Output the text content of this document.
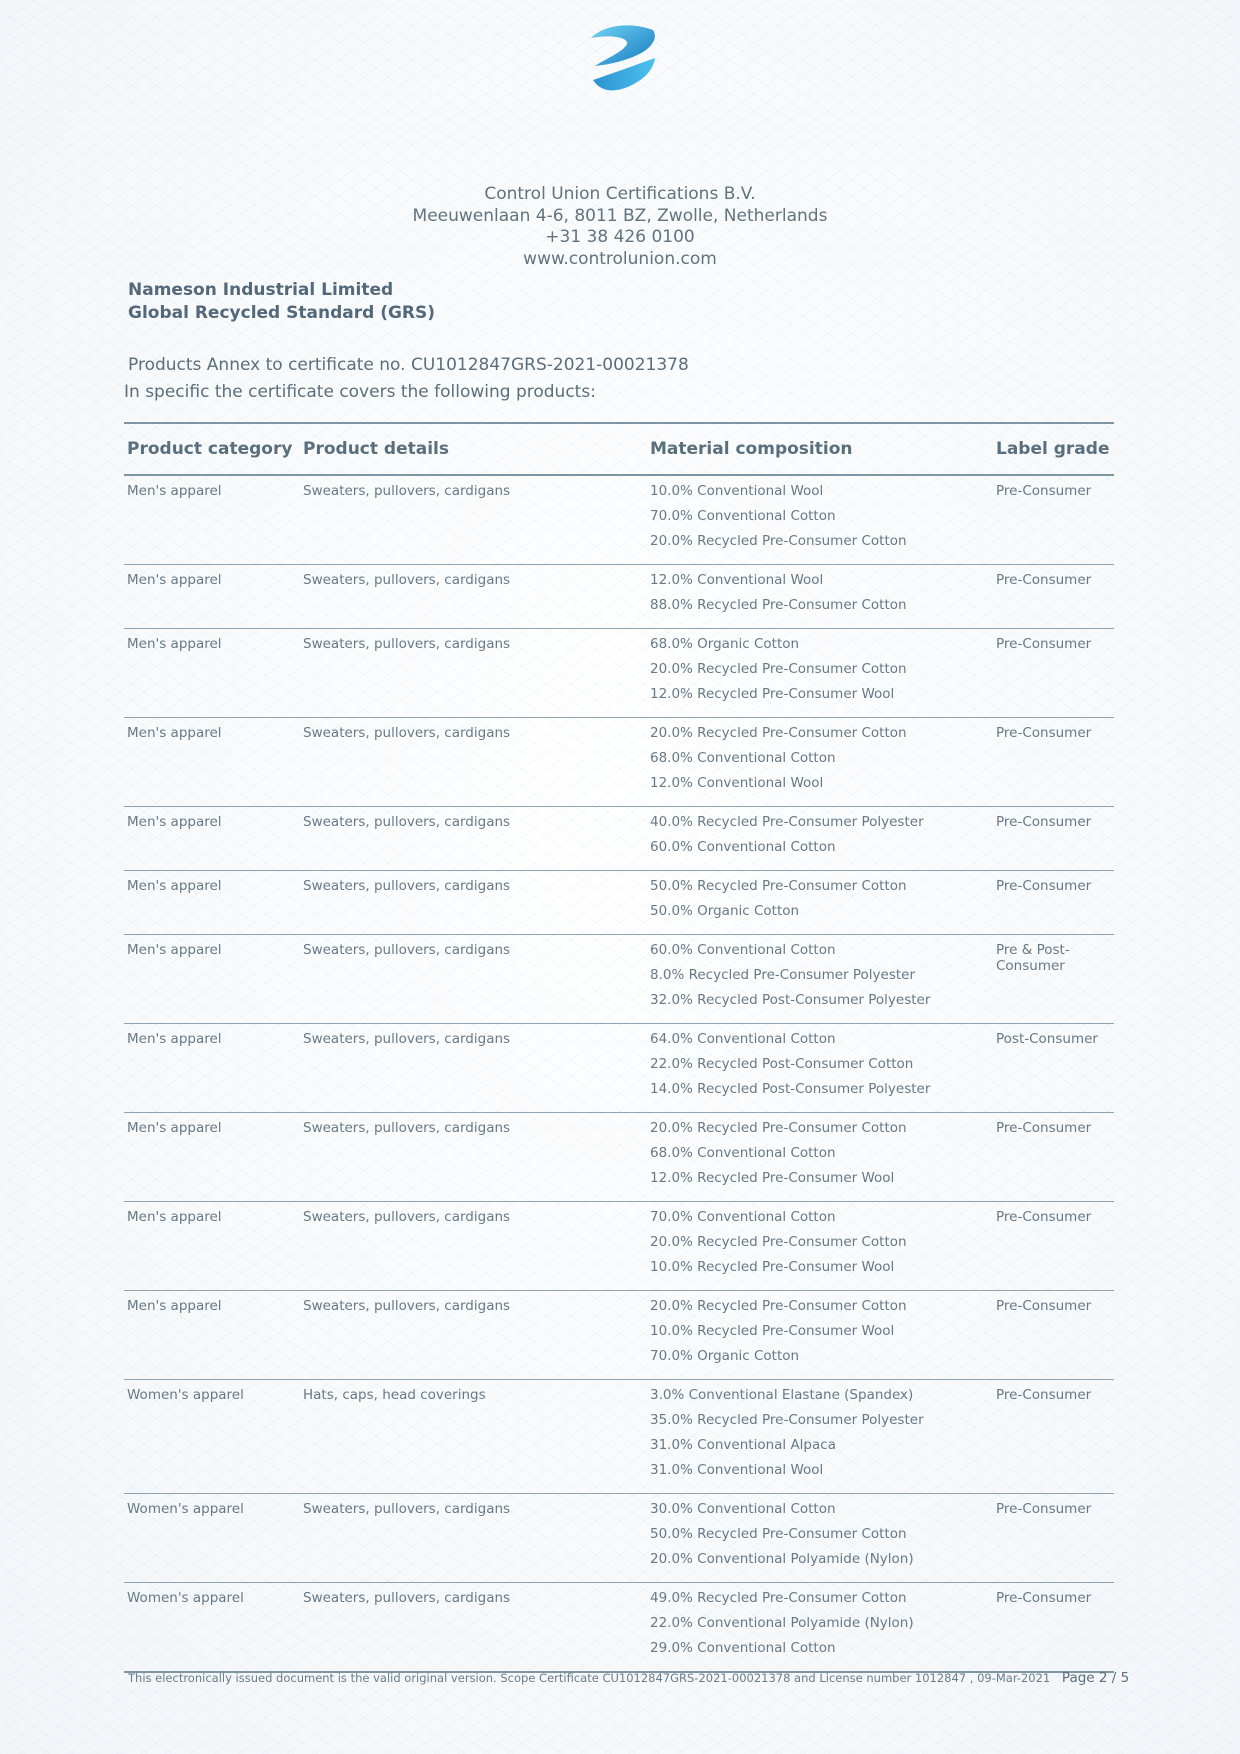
Control Union Certifications B.V.
Meeuwenlaan 4-6, 8011 BZ, Zwolle, Netherlands
+31 38 426 0100
www.controlunion.com
Nameson Industrial Limited
Global Recycled Standard (GRS)
Products Annex to certificate no. CU1012847GRS-2021-00021378
In specific the certificate covers the following products:
Product category	Product details	Material composition	Label grade
Men's apparel	Sweaters, pullovers, cardigans	10.0% Conventional Wool
70.0% Conventional Cotton
20.0% Recycled Pre-Consumer Cotton	Pre-Consumer
Men's apparel	Sweaters, pullovers, cardigans	12.0% Conventional Wool
88.0% Recycled Pre-Consumer Cotton	Pre-Consumer
Men's apparel	Sweaters, pullovers, cardigans	68.0% Organic Cotton
20.0% Recycled Pre-Consumer Cotton
12.0% Recycled Pre-Consumer Wool	Pre-Consumer
Men's apparel	Sweaters, pullovers, cardigans	20.0% Recycled Pre-Consumer Cotton
68.0% Conventional Cotton
12.0% Conventional Wool	Pre-Consumer
Men's apparel	Sweaters, pullovers, cardigans	40.0% Recycled Pre-Consumer Polyester
60.0% Conventional Cotton	Pre-Consumer
Men's apparel	Sweaters, pullovers, cardigans	50.0% Recycled Pre-Consumer Cotton
50.0% Organic Cotton	Pre-Consumer
Men's apparel	Sweaters, pullovers, cardigans	60.0% Conventional Cotton
8.0% Recycled Pre-Consumer Polyester
32.0% Recycled Post-Consumer Polyester	Pre & Post-Consumer
Men's apparel	Sweaters, pullovers, cardigans	64.0% Conventional Cotton
22.0% Recycled Post-Consumer Cotton
14.0% Recycled Post-Consumer Polyester	Post-Consumer
Men's apparel	Sweaters, pullovers, cardigans	20.0% Recycled Pre-Consumer Cotton
68.0% Conventional Cotton
12.0% Recycled Pre-Consumer Wool	Pre-Consumer
Men's apparel	Sweaters, pullovers, cardigans	70.0% Conventional Cotton
20.0% Recycled Pre-Consumer Cotton
10.0% Recycled Pre-Consumer Wool	Pre-Consumer
Men's apparel	Sweaters, pullovers, cardigans	20.0% Recycled Pre-Consumer Cotton
10.0% Recycled Pre-Consumer Wool
70.0% Organic Cotton	Pre-Consumer
Women's apparel	Hats, caps, head coverings	3.0% Conventional Elastane (Spandex)
35.0% Recycled Pre-Consumer Polyester
31.0% Conventional Alpaca
31.0% Conventional Wool	Pre-Consumer
Women's apparel	Sweaters, pullovers, cardigans	30.0% Conventional Cotton
50.0% Recycled Pre-Consumer Cotton
20.0% Conventional Polyamide (Nylon)	Pre-Consumer
Women's apparel	Sweaters, pullovers, cardigans	49.0% Recycled Pre-Consumer Cotton
22.0% Conventional Polyamide (Nylon)
29.0% Conventional Cotton	Pre-Consumer
This electronically issued document is the valid original version. Scope Certificate CU1012847GRS-2021-00021378 and License number 1012847 , 09-Mar-2021 Page 2 / 5
